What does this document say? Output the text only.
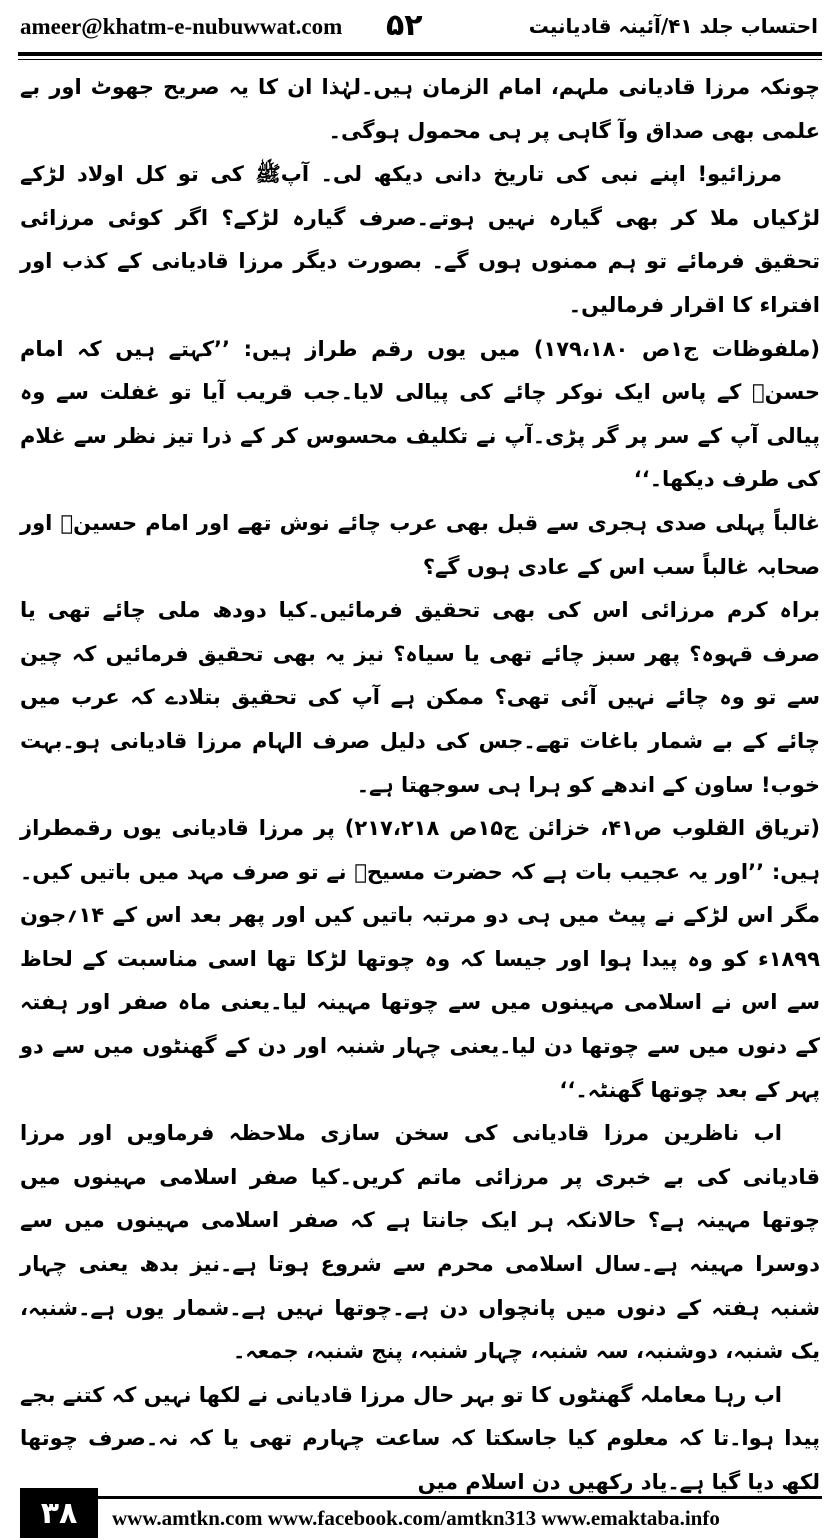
ameer@khatm-e-nubuwwat.com ۵۲	احتساب جلد ۴۱/آئینہ قادیانیت

چونکہ مرزا قادیانی ملہم، امام الزمان ہیں۔لہٰذا ان کا یہ صریح جھوٹ اور بے علمی بھی صداق وآ گاہی پر ہی محمول ہوگی۔

مرزائیو! اپنے نبی کی تاریخ دانی دیکھ لی۔ آپﷺ کی تو کل اولاد لڑکے لڑکیاں ملا کر بھی گیارہ نہیں ہوتے۔صرف گیارہ لڑکے؟ اگر کوئی مرزائی تحقیق فرمائے تو ہم ممنوں ہوں گے۔ بصورت دیگر مرزا قادیانی کے کذب اور افتراء کا اقرار فرمالیں۔

(ملفوظات ج۱ص ۱۷۹،۱۸۰) میں یوں رقم طراز ہیں: ’’کہتے ہیں کہ امام حسنؓ کے پاس ایک نوکر چائے کی پیالی لایا۔جب قریب آیا تو غفلت سے وہ پیالی آپ کے سر پر گر پڑی۔آپ نے تکلیف محسوس کر کے ذرا تیز نظر سے غلام کی طرف دیکھا۔‘‘

غالباً پہلی صدی ہجری سے قبل بھی عرب چائے نوش تھے اور امام حسینؓ اور صحابہ غالباً سب اس کے عادی ہوں گے؟

براہ کرم مرزائی اس کی بھی تحقیق فرمائیں۔کیا دودھ ملی چائے تھی یا صرف قہوہ؟ پھر سبز چائے تھی یا سیاہ؟ نیز یہ بھی تحقیق فرمائیں کہ چین سے تو وہ چائے نہیں آئی تھی؟ ممکن ہے آپ کی تحقیق بتلادے کہ عرب میں چائے کے بے شمار باغات تھے۔جس کی دلیل صرف الہام مرزا قادیانی ہو۔بہت خوب! ساون کے اندھے کو ہرا ہی سوجھتا ہے۔

(تریاق القلوب ص۴۱، خزائن ج۱۵ص ۲۱۷،۲۱۸) پر مرزا قادیانی یوں رقمطراز ہیں: ’’اور یہ عجیب بات ہے کہ حضرت مسیحؑ نے تو صرف مہد میں باتیں کیں۔مگر اس لڑکے نے پیٹ میں ہی دو مرتبہ باتیں کیں اور پھر بعد اس کے ۱۴؍جون ۱۸۹۹ء کو وہ پیدا ہوا اور جیسا کہ وہ چوتھا لڑکا تھا اسی مناسبت کے لحاظ سے اس نے اسلامی مہینوں میں سے چوتھا مہینہ لیا۔یعنی ماہ صفر اور ہفتہ کے دنوں میں سے چوتھا دن لیا۔یعنی چہار شنبہ اور دن کے گھنٹوں میں سے دو پہر کے بعد چوتھا گھنٹہ۔‘‘

اب ناظرین مرزا قادیانی کی سخن سازی ملاحظہ فرماویں اور مرزا قادیانی کی بے خبری پر مرزائی ماتم کریں۔کیا صفر اسلامی مہینوں میں چوتھا مہینہ ہے؟ حالانکہ ہر ایک جانتا ہے کہ صفر اسلامی مہینوں میں سے دوسرا مہینہ ہے۔سال اسلامی محرم سے شروع ہوتا ہے۔نیز بدھ یعنی چہار شنبہ ہفتہ کے دنوں میں پانچواں دن ہے۔چوتھا نہیں ہے۔شمار یوں ہے۔شنبہ، یک شنبہ، دوشنبہ، سہ شنبہ، چہار شنبہ، پنج شنبہ، جمعہ۔

اب رہا معاملہ گھنٹوں کا تو بہر حال مرزا قادیانی نے لکھا نہیں کہ کتنے بجے پیدا ہوا۔تا کہ معلوم کیا جاسکتا کہ ساعت چہارم تھی یا کہ نہ۔صرف چوتھا لکھ دیا گیا ہے۔یاد رکھیں دن اسلام میں

۳۸	www.amtkn.com www.facebook.com/amtkn313 www.emaktaba.info
